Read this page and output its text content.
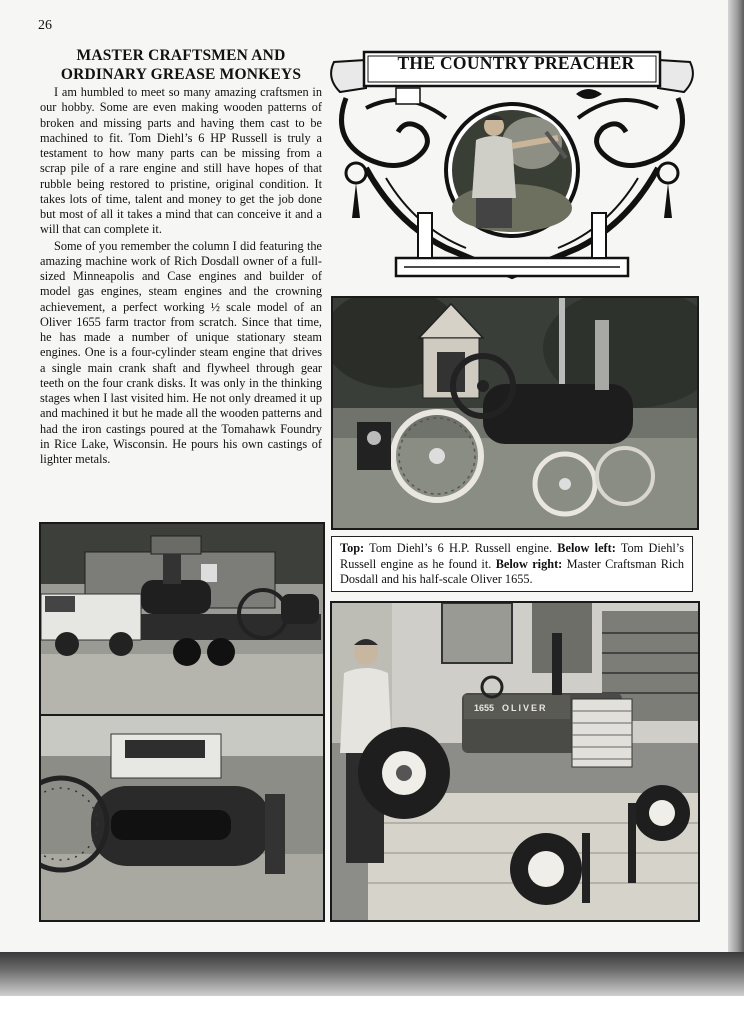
26
MASTER CRAFTSMEN AND
ORDINARY GREASE MONKEYS

I am humbled to meet so many amazing craftsmen in our hobby. Some are even making wooden patterns of broken and missing parts and having them cast to be machined to fit. Tom Diehl’s 6 HP Russell is truly a testament to how many parts can be missing from a scrap pile of a rare engine and still have hopes of that rubble being restored to pristine, original condition. It takes lots of time, talent and money to get the job done but most of all it takes a mind that can conceive it and a will that can complete it.

Some of you remember the column I did featuring the amazing machine work of Rich Dosdall owner of a full-sized Minneapolis and Case engines and builder of model gas engines, steam engines and the crowning achievement, a perfect working ½ scale model of an Oliver 1655 farm tractor from scratch. Since that time, he has made a number of unique stationary steam engines. One is a four-cylinder steam engine that drives a single main crank shaft and flywheel through gear teeth on the four crank disks. It was only in the thinking stages when I last visited him. He not only dreamed it up and machined it but he made all the wooden patterns and had the iron castings poured at the Tomahawk Foundry in Rice Lake, Wisconsin. He pours his own castings of lighter metals.

THE COUNTRY PREACHER
Top: Tom Diehl’s 6 H.P. Russell engine. Below left: Tom Diehl’s Russell engine as he found it. Below right: Master Craftsman Rich Dosdall and his half-scale Oliver 1655.
1655 OLIVER
